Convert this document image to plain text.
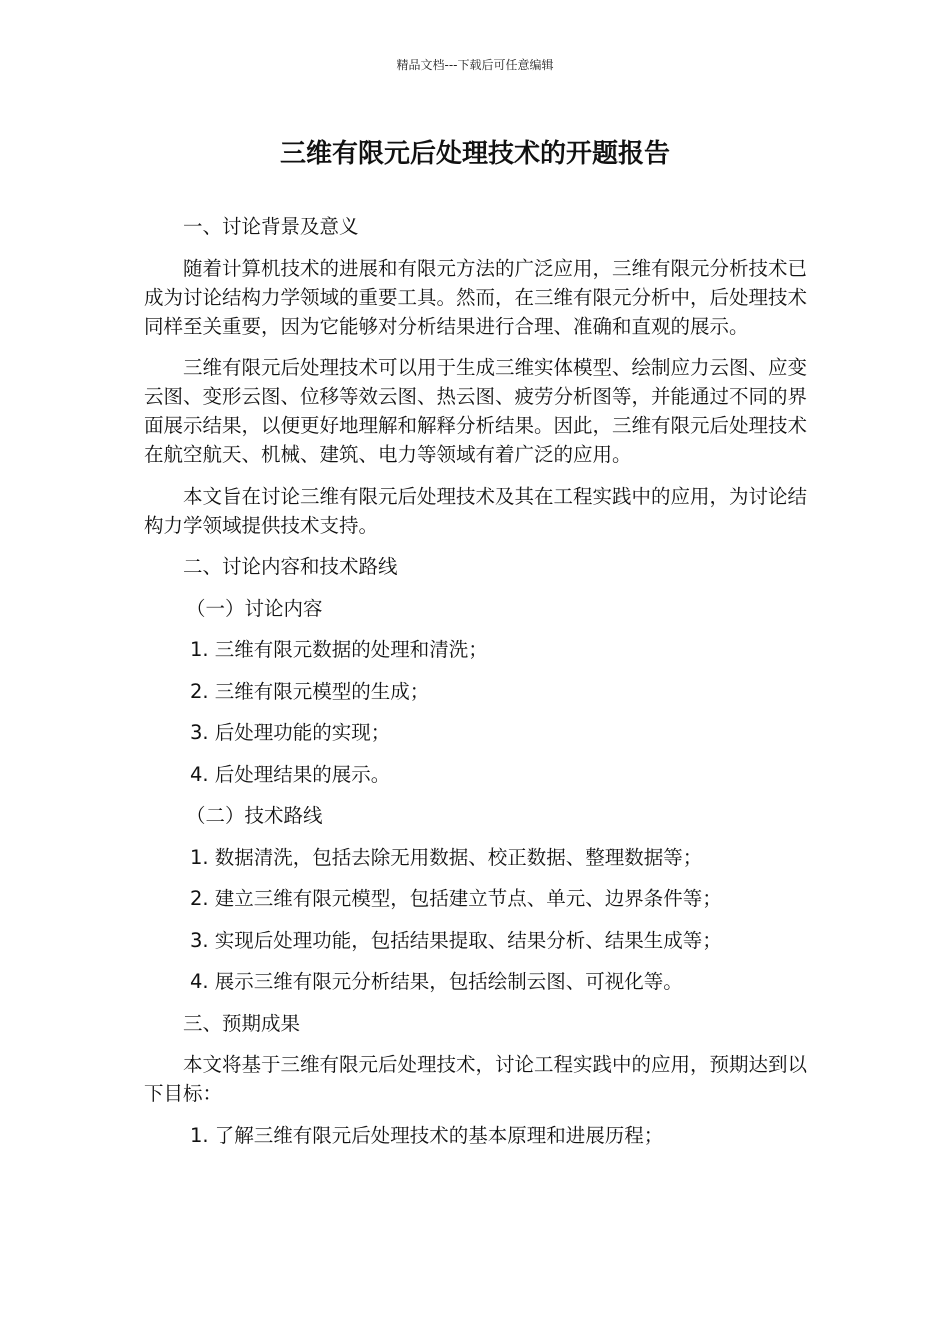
精品文档---下载后可任意编辑
三维有限元后处理技术的开题报告

一、讨论背景及意义

随着计算机技术的进展和有限元方法的广泛应用，三维有限元分析技术已成为讨论结构力学领域的重要工具。然而，在三维有限元分析中，后处理技术同样至关重要，因为它能够对分析结果进行合理、准确和直观的展示。

三维有限元后处理技术可以用于生成三维实体模型、绘制应力云图、应变云图、变形云图、位移等效云图、热云图、疲劳分析图等，并能通过不同的界面展示结果，以便更好地理解和解释分析结果。因此，三维有限元后处理技术在航空航天、机械、建筑、电力等领域有着广泛的应用。

本文旨在讨论三维有限元后处理技术及其在工程实践中的应用，为讨论结构力学领域提供技术支持。

二、讨论内容和技术路线

（一）讨论内容

1. 三维有限元数据的处理和清洗；

2. 三维有限元模型的生成；

3. 后处理功能的实现；

4. 后处理结果的展示。

（二）技术路线

1. 数据清洗，包括去除无用数据、校正数据、整理数据等；

2. 建立三维有限元模型，包括建立节点、单元、边界条件等；

3. 实现后处理功能，包括结果提取、结果分析、结果生成等；

4. 展示三维有限元分析结果，包括绘制云图、可视化等。

三、预期成果

本文将基于三维有限元后处理技术，讨论工程实践中的应用，预期达到以下目标：

1. 了解三维有限元后处理技术的基本原理和进展历程；
